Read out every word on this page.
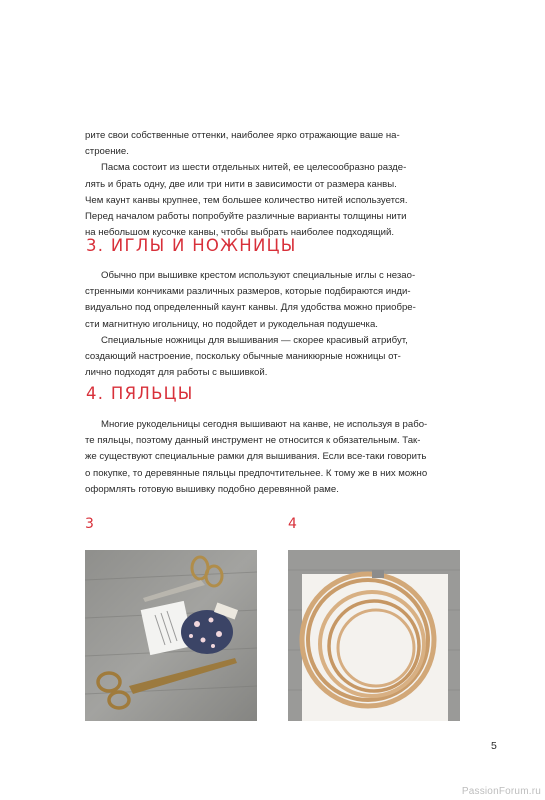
рите свои собственные оттенки, наиболее ярко отражающие ваше на-
строение.
Пасма состоит из шести отдельных нитей, ее целесообразно разде-
лять и брать одну, две или три нити в зависимости от размера канвы.
Чем каунт канвы крупнее, тем большее количество нитей используется.
Перед началом работы попробуйте различные варианты толщины нити
на небольшом кусочке канвы, чтобы выбрать наиболее подходящий.
3. ИГЛЫ И НОЖНИЦЫ
Обычно при вышивке крестом используют специальные иглы с незао-
стренными кончиками различных размеров, которые подбираются инди-
видуально под определенный каунт канвы. Для удобства можно приобре-
сти магнитную игольницу, но подойдет и рукодельная подушечка.
Специальные ножницы для вышивания — скорее красивый атрибут,
создающий настроение, поскольку обычные маникюрные ножницы от-
лично подходят для работы с вышивкой.
4. ПЯЛЬЦЫ
Многие рукодельницы сегодня вышивают на канве, не используя в рабо-
те пяльцы, поэтому данный инструмент не относится к обязательным. Так-
же существуют специальные рамки для вышивания. Если все-таки говорить
о покупке, то деревянные пяльцы предпочтительнее. К тому же в них можно
оформлять готовую вышивку подобно деревянной раме.
3	4
5
PassionForum.ru
